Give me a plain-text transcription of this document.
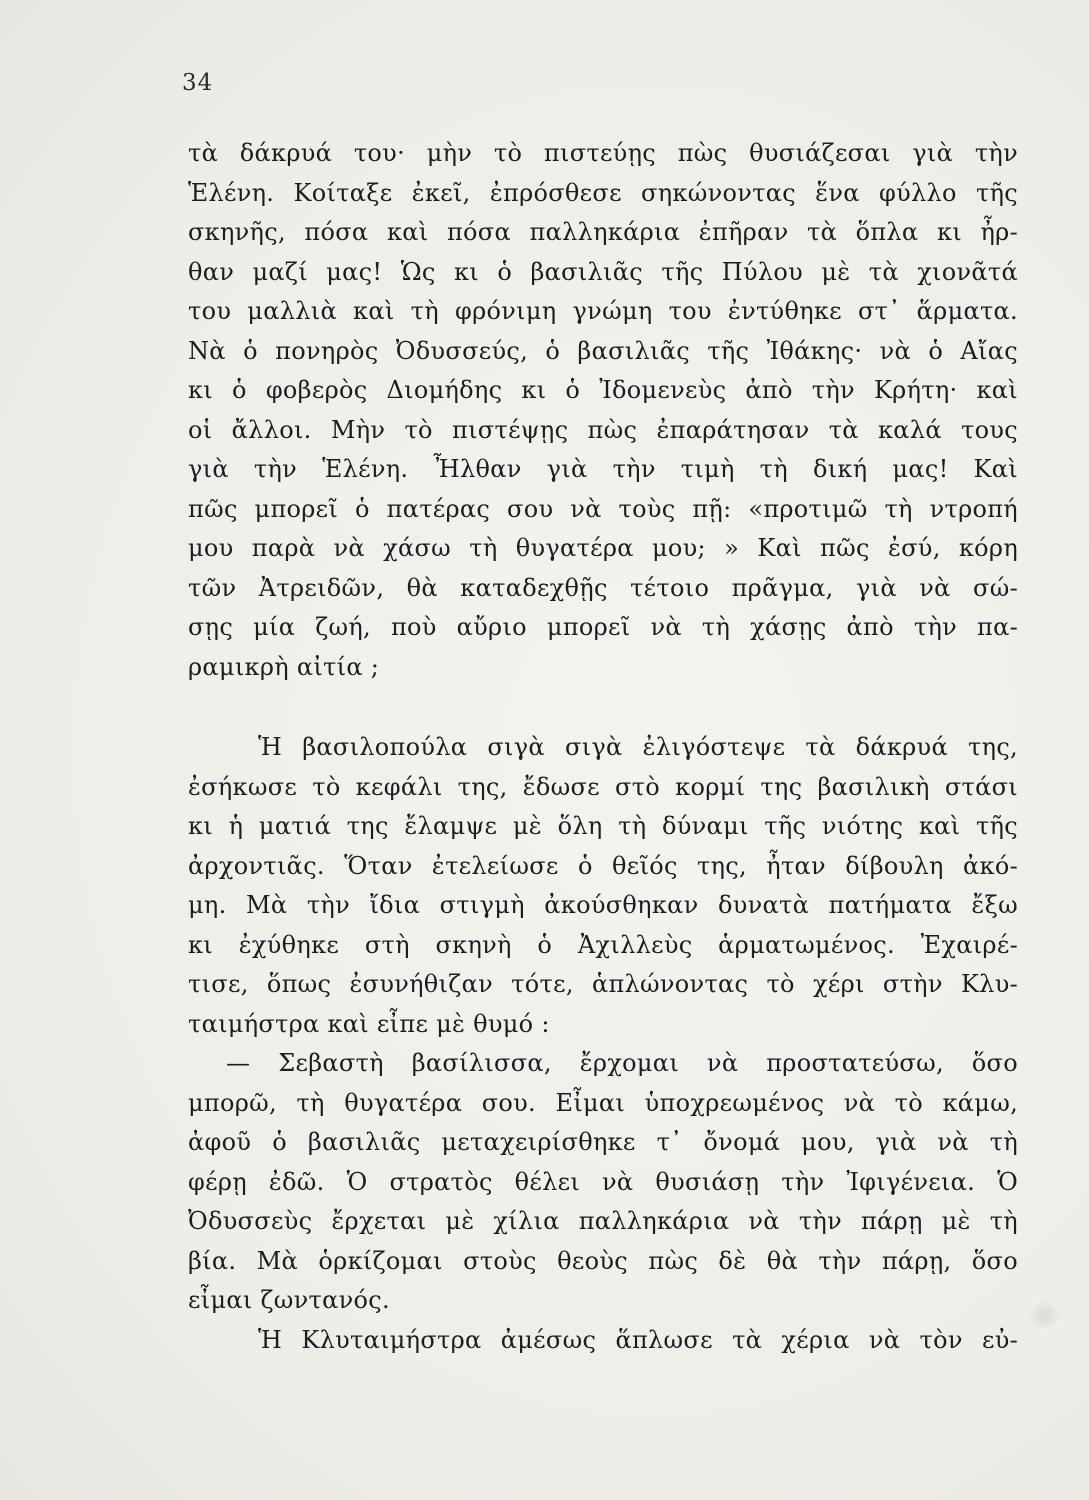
34
τὰ δάκρυά του· μὴν τὸ πιστεύῃς πὼς θυσιάζεσαι γιὰ τὴν
Ἑλένη. Κοίταξε ἐκεῖ, ἐπρόσθεσε σηκώνοντας ἕνα φύλλο τῆς
σκηνῆς, πόσα καὶ πόσα παλληκάρια ἐπῆραν τὰ ὅπλα κι ἦρ-
θαν μαζί μας! Ὡς κι ὁ βασιλιᾶς τῆς Πύλου μὲ τὰ χιονᾶτά
του μαλλιὰ καὶ τὴ φρόνιμη γνώμη του ἐντύθηκε στ᾽ ἅρματα.
Νὰ ὁ πονηρὸς Ὀδυσσεύς, ὁ βασιλιᾶς τῆς Ἰθάκης· νὰ ὁ Αἴας
κι ὁ φοβερὸς Διομήδης κι ὁ Ἰδομενεὺς ἀπὸ τὴν Κρήτη· καὶ
οἱ ἄλλοι. Μὴν τὸ πιστέψῃς πὼς ἐπαράτησαν τὰ καλά τους
γιὰ τὴν Ἑλένη. Ἦλθαν γιὰ τὴν τιμὴ τὴ δική μας! Καὶ
πῶς μπορεῖ ὁ πατέρας σου νὰ τοὺς πῇ: «προτιμῶ τὴ ντροπή
μου παρὰ νὰ χάσω τὴ θυγατέρα μου; » Καὶ πῶς ἐσύ, κόρη
τῶν Ἀτρειδῶν, θὰ καταδεχθῇς τέτοιο πρᾶγμα, γιὰ νὰ σώ-
σῃς μία ζωή, ποὺ αὔριο μπορεῖ νὰ τὴ χάσῃς ἀπὸ τὴν πα-
ραμικρὴ αἰτία ;
Ἡ βασιλοπούλα σιγὰ σιγὰ ἐλιγόστεψε τὰ δάκρυά της,
ἐσήκωσε τὸ κεφάλι της, ἔδωσε στὸ κορμί της βασιλικὴ στάσι
κι ἡ ματιά της ἔλαμψε μὲ ὅλη τὴ δύναμι τῆς νιότης καὶ τῆς
ἀρχοντιᾶς. Ὅταν ἐτελείωσε ὁ θεῖός της, ἦταν δίβουλη ἀκό-
μη. Μὰ τὴν ἴδια στιγμὴ ἀκούσθηκαν δυνατὰ πατήματα ἔξω
κι ἐχύθηκε στὴ σκηνὴ ὁ Ἀχιλλεὺς ἁρματωμένος. Ἐχαιρέ-
τισε, ὅπως ἐσυνήθιζαν τότε, ἁπλώνοντας τὸ χέρι στὴν Κλυ-
ταιμήστρα καὶ εἶπε μὲ θυμό :
— Σεβαστὴ βασίλισσα, ἔρχομαι νὰ προστατεύσω, ὅσο
μπορῶ, τὴ θυγατέρα σου. Εἶμαι ὑποχρεωμένος νὰ τὸ κάμω,
ἀφοῦ ὁ βασιλιᾶς μεταχειρίσθηκε τ᾽ ὄνομά μου, γιὰ νὰ τὴ
φέρῃ ἐδῶ. Ὁ στρατὸς θέλει νὰ θυσιάσῃ τὴν Ἰφιγένεια. Ὁ
Ὀδυσσεὺς ἔρχεται μὲ χίλια παλληκάρια νὰ τὴν πάρῃ μὲ τὴ
βία. Μὰ ὁρκίζομαι στοὺς θεοὺς πὼς δὲ θὰ τὴν πάρῃ, ὅσο
εἶμαι ζωντανός.
Ἡ Κλυταιμήστρα ἀμέσως ἅπλωσε τὰ χέρια νὰ τὸν εὐ-
